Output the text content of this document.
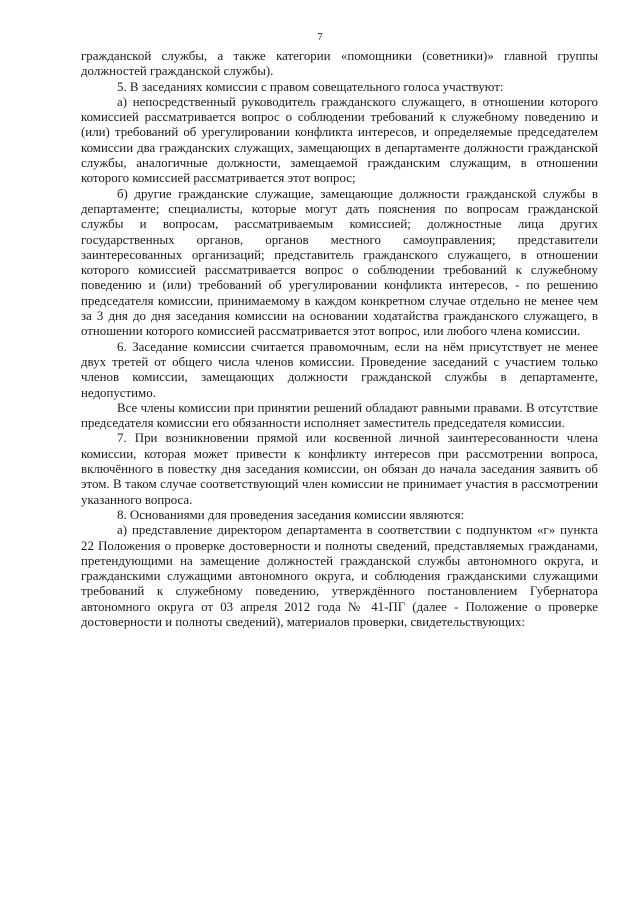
7

гражданской службы, а также категории «помощники (советники)» главной группы должностей гражданской службы).

5. В заседаниях комиссии с правом совещательного голоса участвуют:

а) непосредственный руководитель гражданского служащего, в отношении которого комиссией рассматривается вопрос о соблюдении требований к служебному поведению и (или) требований об урегулировании конфликта интересов, и определяемые председателем комиссии два гражданских служащих, замещающих в департаменте должности гражданской службы, аналогичные должности, замещаемой гражданским служащим, в отношении которого комиссией рассматривается этот вопрос;

б) другие гражданские служащие, замещающие должности гражданской службы в департаменте; специалисты, которые могут дать пояснения по вопросам гражданской службы и вопросам, рассматриваемым комиссией; должностные лица других государственных органов, органов местного самоуправления; представители заинтересованных организаций; представитель гражданского служащего, в отношении которого комиссией рассматривается вопрос о соблюдении требований к служебному поведению и (или) требований об урегулировании конфликта интересов, - по решению председателя комиссии, принимаемому в каждом конкретном случае отдельно не менее чем за 3 дня до дня заседания комиссии на основании ходатайства гражданского служащего, в отношении которого комиссией рассматривается этот вопрос, или любого члена комиссии.

6. Заседание комиссии считается правомочным, если на нём присутствует не менее двух третей от общего числа членов комиссии. Проведение заседаний с участием только членов комиссии, замещающих должности гражданской службы в департаменте, недопустимо.

Все члены комиссии при принятии решений обладают равными правами. В отсутствие председателя комиссии его обязанности исполняет заместитель председателя комиссии.

7. При возникновении прямой или косвенной личной заинтересованности члена комиссии, которая может привести к конфликту интересов при рассмотрении вопроса, включённого в повестку дня заседания комиссии, он обязан до начала заседания заявить об этом. В таком случае соответствующий член комиссии не принимает участия в рассмотрении указанного вопроса.

8. Основаниями для проведения заседания комиссии являются:

а) представление директором департамента в соответствии с подпунктом «г» пункта 22 Положения о проверке достоверности и полноты сведений, представляемых гражданами, претендующими на замещение должностей гражданской службы автономного округа, и гражданскими служащими автономного округа, и соблюдения гражданскими служащими требований к служебному поведению, утверждённого постановлением Губернатора автономного округа от 03 апреля 2012 года № 41-ПГ (далее - Положение о проверке достоверности и полноты сведений), материалов проверки, свидетельствующих:
